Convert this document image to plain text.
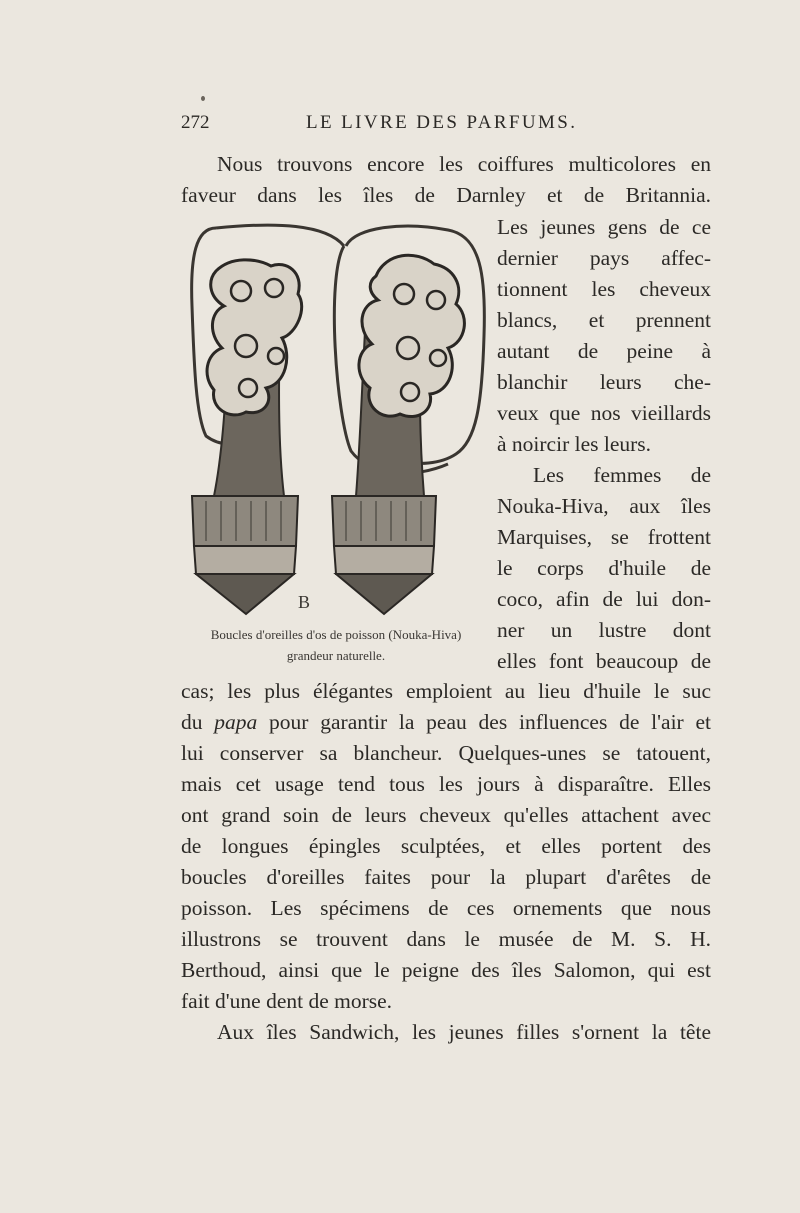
272	LE LIVRE DES PARFUMS.
Nous trouvons encore les coiffures multicolores en
faveur dans les îles de Darnley et de Britannia.
Les jeunes gens de ce
dernier pays affec-
tionnent les cheveux
blancs, et prennent
autant de peine à
blanchir leurs che-
veux que nos vieillards
à noircir les leurs.
Les femmes de
Nouka-Hiva, aux îles
Marquises, se frottent
le corps d'huile de
coco, afin de lui don-
ner un lustre dont
elles font beaucoup de
B
Boucles d'oreilles d'os de poisson (Nouka-Hiva)
grandeur naturelle.
cas; les plus élégantes emploient au lieu d'huile le suc
du papa pour garantir la peau des influences de l'air et
lui conserver sa blancheur. Quelques-unes se tatouent,
mais cet usage tend tous les jours à disparaître. Elles
ont grand soin de leurs cheveux qu'elles attachent avec
de longues épingles sculptées, et elles portent des
boucles d'oreilles faites pour la plupart d'arêtes de
poisson. Les spécimens de ces ornements que nous
illustrons se trouvent dans le musée de M. S. H.
Berthoud, ainsi que le peigne des îles Salomon, qui est
fait d'une dent de morse.
Aux îles Sandwich, les jeunes filles s'ornent la tête
